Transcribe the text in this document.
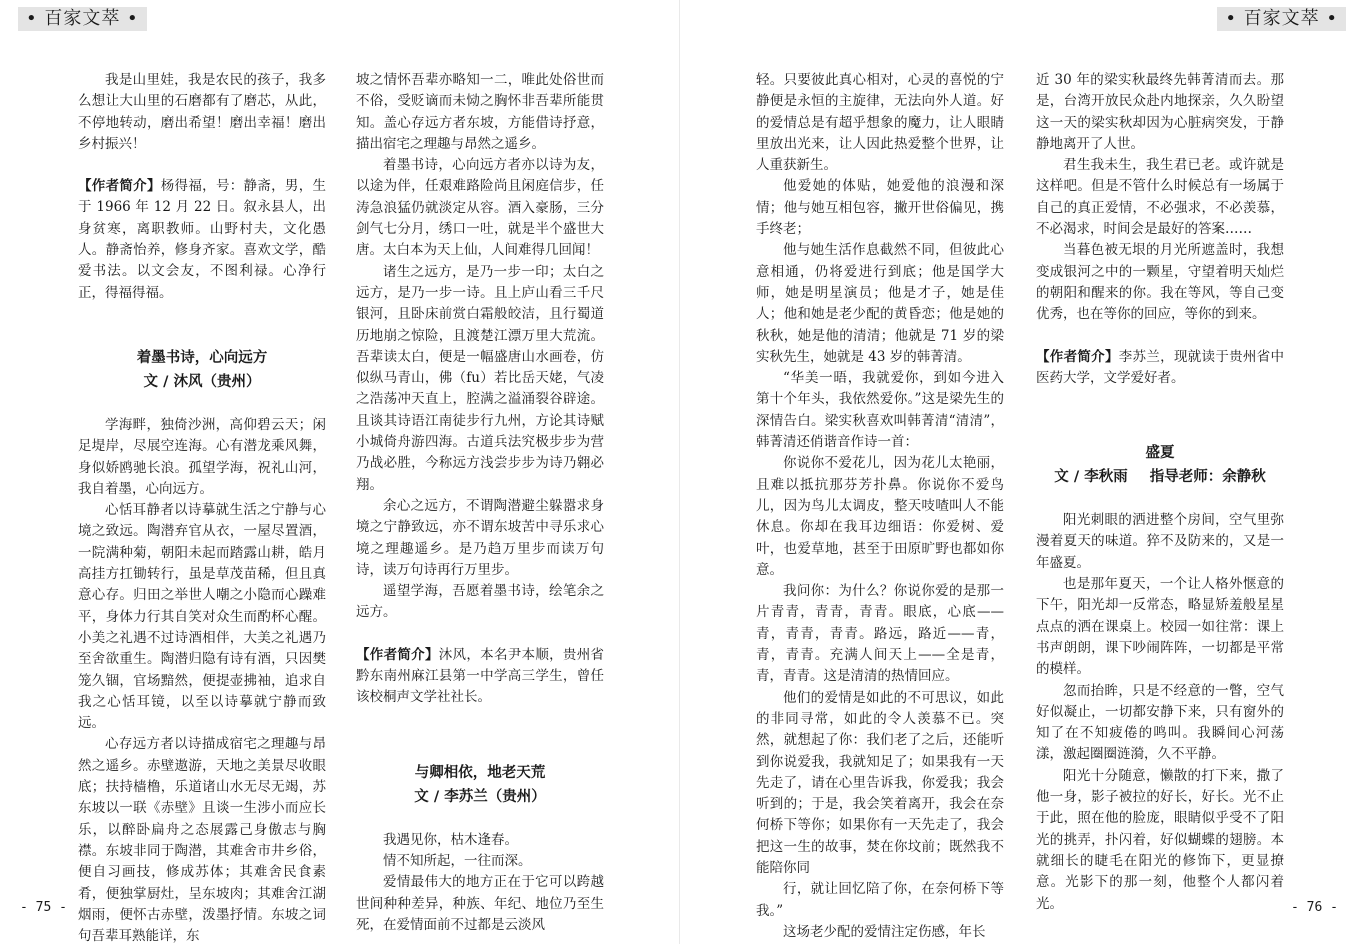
• 百家文萃 •

我是山里娃，我是农民的孩子，我多么想让大山里的石磨都有了磨芯，从此，不停地转动，磨出希望！磨出幸福！磨出乡村振兴！

【作者简介】杨得福，号：静斋，男，生于 1966 年 12 月 22 日。叙永县人，出身贫寒，离职教师。山野村夫，文化愚人。静斋怡养，修身齐家。喜欢文学，酷爱书法。以文会友，不图利禄。心净行正，得福得福。

着墨书诗，心向远方
文 / 沐风（贵州）

学海畔，独倚沙洲，高仰碧云天；闲足堤岸，尽展空连海。心有潜龙乘风舞，身似娇鸥驰长浪。孤望学海，祝礼山河，我自着墨，心向远方。

心恬耳静者以诗摹就生活之宁静与心境之致远。陶潜弃官从衣，一屋尽置酒，一院满种菊，朝阳未起而踏露山耕，皓月高挂方扛锄转行，虽是草茂苗稀，但且真意心存。归田之举世人嘲之小隐而心躁难平，身体力行其自笑对众生而酌杯心醒。小美之礼遇不过诗酒相伴，大美之礼遇乃至舍欲重生。陶潜归隐有诗有酒，只因樊笼久锢，官场黯然，便提壶拂袖，追求自我之心恬耳镜，以至以诗摹就宁静而致远。

心存远方者以诗描成宿宅之理趣与昂然之遥乡。赤壁遨游，天地之美景尽收眼底；扶持樯橹，乐道诸山水无尽无竭，苏东坡以一联《赤壁》且谈一生涉小而应长乐，以醉卧扁舟之态展露己身傲志与胸襟。东坡非同于陶潜，其难舍市井乡俗，便自习画技，修成苏体；其难舍民食素肴，便独掌厨灶，呈东坡肉；其难舍江湖烟雨，便怀古赤壁，泼墨抒情。东坡之词句吾辈耳熟能详，东

坡之情怀吾辈亦略知一二，唯此处俗世而不俗，受贬谪而未恸之胸怀非吾辈所能贯知。盖心存远方者东坡，方能借诗抒意，描出宿宅之理趣与昂然之遥乡。

着墨书诗，心向远方者亦以诗为友，以途为伴，任艰难路险尚且闲庭信步，任涛急浪猛仍就淡定从容。酒入豪肠，三分剑气七分月，绣口一吐，就是半个盛世大唐。太白本为天上仙，人间难得几回闻！

诸生之远方，是乃一步一印；太白之远方，是乃一步一诗。且上庐山看三千尺银河，且卧床前赏白霜般皎洁，且行蜀道历地崩之惊险，且渡楚江漂万里大荒流。吾辈读太白，便是一幅盛唐山水画卷，仿似纵马青山，佛（fu）若比岳天姥，气凌之浩荡冲天直上，腔满之溢涌裂谷辟途。且谈其诗语江南徒步行九州，方论其诗赋小城倚舟游四海。古道兵法究极步步为营乃战必胜，今称远方浅尝步步为诗乃翱必翔。

余心之远方，不谓陶潜避尘躲嚣求身境之宁静致远，亦不谓东坡苦中寻乐求心境之理趣遥乡。是乃趋万里步而读万句诗，读万句诗再行万里步。

遥望学海，吾愿着墨书诗，绘笔余之远方。

【作者简介】沐风，本名尹本顺，贵州省黔东南州麻江县第一中学高三学生，曾任该校桐声文学社社长。

与卿相依，地老天荒
文 / 李苏兰（贵州）

我遇见你，枯木逢春。

情不知所起，一往而深。

爱情最伟大的地方正在于它可以跨越世间种种差异，种族、年纪、地位乃至生死，在爱情面前不过都是云淡风

- 75 -
• 百家文萃 •

轻。只要彼此真心相对，心灵的喜悦的宁静便是永恒的主旋律，无法向外人道。好的爱情总是有超乎想象的魔力，让人眼睛里放出光来，让人因此热爱整个世界，让人重获新生。

他爱她的体贴，她爱他的浪漫和深情；他与她互相包容，撇开世俗偏见，携手终老；

他与她生活作息截然不同，但彼此心意相通，仍将爱进行到底；他是国学大师，她是明星演员；他是才子，她是佳人；他和她是老少配的黄昏恋；他是她的秋秋，她是他的清清；他就是 71 岁的梁实秋先生，她就是 43 岁的韩菁清。

“华美一晤，我就爱你，到如今进入第十个年头，我依然爱你。”这是梁先生的深情告白。梁实秋喜欢叫韩菁清“清清”，韩菁清还俏谐音作诗一首：

你说你不爱花儿，因为花儿太艳丽，且难以抵抗那芬芳扑鼻。你说你不爱鸟儿，因为鸟儿太调皮，整天吱喳叫人不能休息。你却在我耳边细语：你爱树、爱叶，也爱草地，甚至于田原旷野也都如你意。

我问你：为什么？你说你爱的是那一片青青，青青，青青。眼底，心底——青，青青，青青。路远，路近——青，青，青青。充满人间天上——全是青，青，青青。这是清清的热情回应。

他们的爱情是如此的不可思议，如此的非同寻常，如此的令人羡慕不已。突然，就想起了你：我们老了之后，还能听到你说爱我，我就知足了；如果我有一天先走了，请在心里告诉我，你爱我；我会听到的；于是，我会笑着离开，我会在奈何桥下等你；如果你有一天先走了，我会把这一生的故事，焚在你坟前；既然我不能陪你同

行，就让回忆陪了你，在奈何桥下等我。”

这场老少配的爱情注定伤感，年长

近 30 年的梁实秋最终先韩菁清而去。那是，台湾开放民众赴内地探亲，久久盼望这一天的梁实秋却因为心脏病突发，于静静地离开了人世。

君生我未生，我生君已老。或许就是这样吧。但是不管什么时候总有一场属于自己的真正爱情，不必强求，不必羡慕，不必渴求，时间会是最好的答案……

当暮色被无垠的月光所遮盖时，我想变成银河之中的一颗星，守望着明天灿烂的朝阳和醒来的你。我在等风，等自己变优秀，也在等你的回应，等你的到来。

【作者简介】李苏兰，现就读于贵州省中医药大学，文学爱好者。

盛夏
文 / 李秋雨 指导老师：余静秋

阳光刺眼的洒进整个房间，空气里弥漫着夏天的味道。猝不及防来的，又是一年盛夏。

也是那年夏天，一个让人格外惬意的下午，阳光却一反常态，略显矫羞般星星点点的洒在课桌上。校园一如往常：课上书声朗朗，课下吵闹阵阵，一切都是平常的模样。

忽而抬眸，只是不经意的一瞥，空气好似凝止，一切都安静下来，只有窗外的知了在不知疲倦的鸣叫。我瞬间心河荡漾，激起圈圈涟漪，久不平静。

阳光十分随意，懒散的打下来，撒了他一身，影子被拉的好长，好长。光不止于此，照在他的脸庞，眼睛似乎受不了阳光的挑弄，扑闪着，好似蝴蝶的翅膀。本就细长的睫毛在阳光的修饰下，更显撩意。光影下的那一刻，他整个人都闪着光。	- 76 -
